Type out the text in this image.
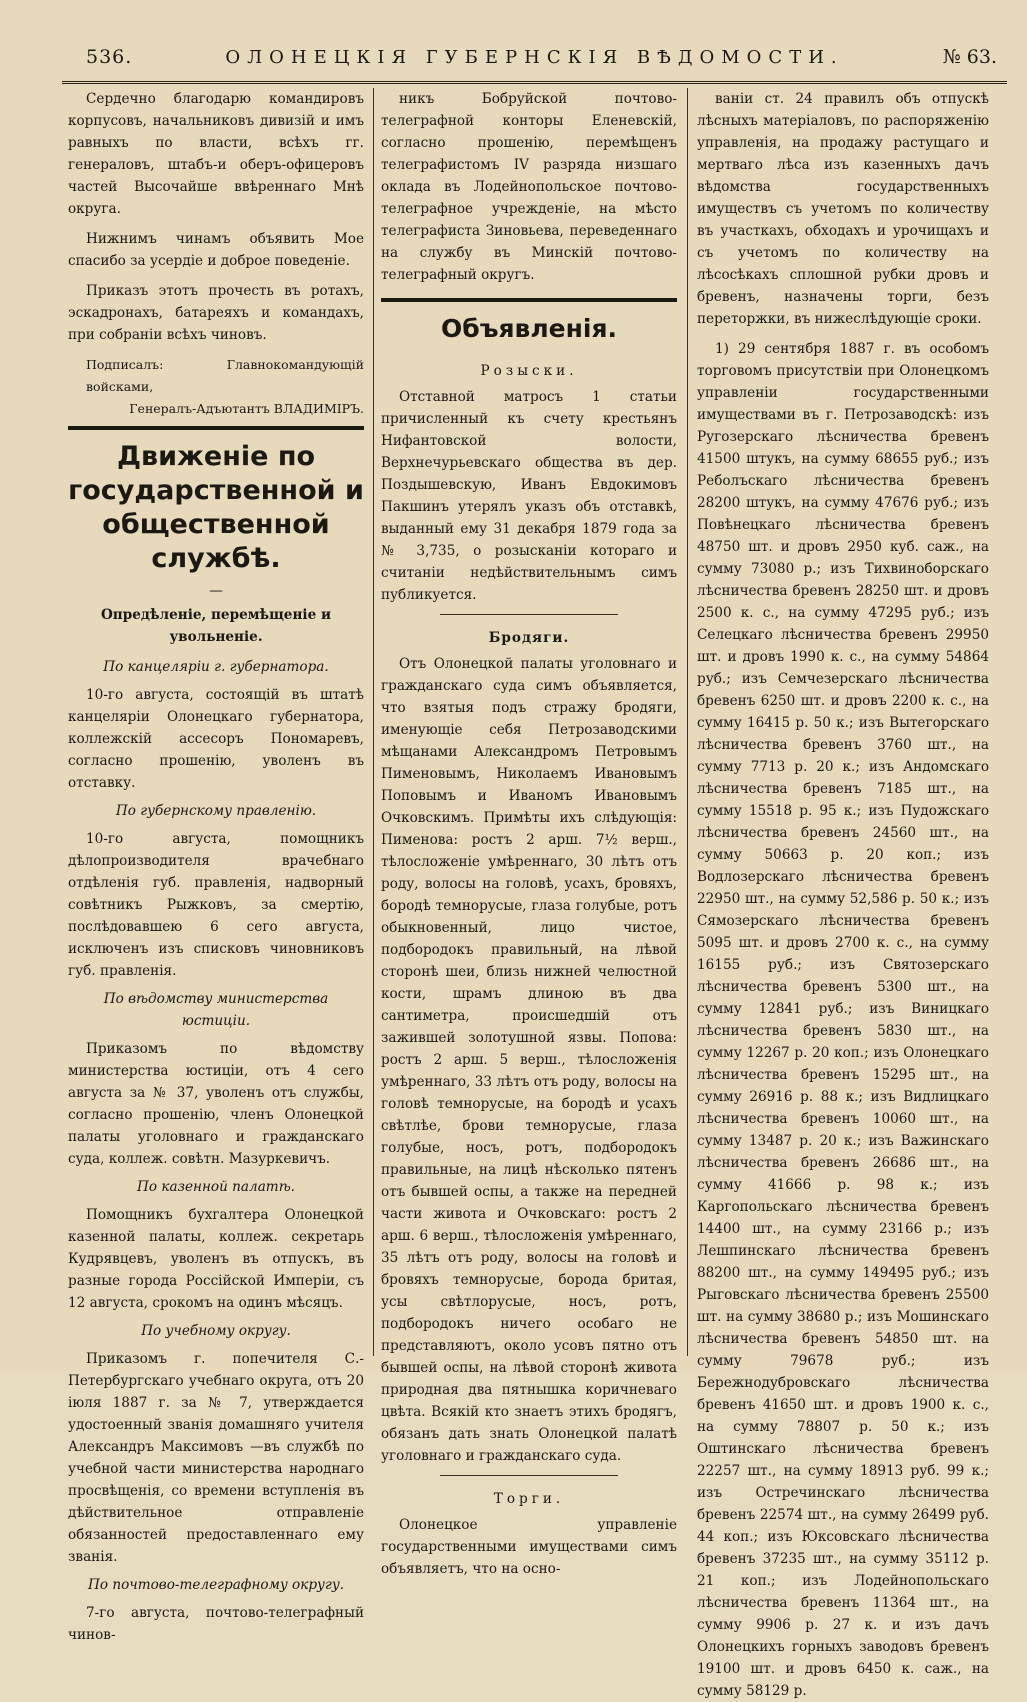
536.	ОЛОНЕЦКІЯ ГУБЕРНСКІЯ ВѢДОМОСТИ.	№ 63.

Сердечно благодарю командировъ корпусовъ, начальниковъ дивизій и имъ равныхъ по власти, всѣхъ гг. генераловъ, штабъ-и оберъ-офицеровъ частей Высочайше ввѣреннаго Мнѣ округа.

Нижнимъ чинамъ объявить Мое спасибо за усердіе и доброе поведеніе.

Приказъ этотъ прочесть въ ротахъ, эскадронахъ, батареяхъ и командахъ, при собраніи всѣхъ чиновъ.

Подписалъ: Главнокомандующій войсками,
Генералъ-Адъютантъ ВЛАДИМІРЪ.
Движеніе по государственной и общественной службѣ.
—
Опредѣленіе, перемѣщеніе и увольненіе.
По канцеляріи г. губернатора.

10-го августа, состоящій въ штатѣ канцеляріи Олонецкаго губернатора, коллежскій ассесоръ Пономаревъ, согласно прошенію, уволенъ въ отставку.

По губернскому правленію.

10-го августа, помощникъ дѣлопроизводителя врачебнаго отдѣленія губ. правленія, надворный совѣтникъ Рыжковъ, за смертію, послѣдовавшею 6 сего августа, исключенъ изъ списковъ чиновниковъ губ. правленія.

По вѣдомству министерства юстиціи.

Приказомъ по вѣдомству министерства юстиціи, отъ 4 сего августа за № 37, уволенъ отъ службы, согласно прошенію, членъ Олонецкой палаты уголовнаго и гражданскаго суда, коллеж. совѣтн. Мазуркевичъ.

По казенной палатѣ.

Помощникъ бухгалтера Олонецкой казенной палаты, коллеж. секретарь Кудрявцевъ, уволенъ въ отпускъ, въ разные города Россійской Имперіи, съ 12 августа, срокомъ на одинъ мѣсяцъ.

По учебному округу.

Приказомъ г. попечителя С.-Петербургскаго учебнаго округа, отъ 20 іюля 1887 г. за № 7, утверждается удостоенный званія домашняго учителя Александръ Максимовъ —въ службѣ по учебной части министерства народнаго просвѣщенія, со времени вступленія въ дѣйствительное отправленіе обязанностей предоставленнаго ему званія.

По почтово-телеграфному округу.

7-го августа, почтово-телеграфный чинов-

никъ Бобруйской почтово-телеграфной конторы Еленевскій, согласно прошенію, перемѣщенъ телеграфистомъ IV разряда низшаго оклада въ Лодейнопольское почтово-телеграфное учрежденіе, на мѣсто телеграфиста Зиновьева, переведеннаго на службу въ Минскій почтово-телеграфный округъ.

Объявленія.
Розыски.

Отставной матросъ 1 статьи причисленный къ счету крестьянъ Нифантовской волости, Верхнечурьевскаго общества въ дер. Поздышевскую, Иванъ Евдокимовъ Пакшинъ утерялъ указъ объ отставкѣ, выданный ему 31 декабря 1879 года за № 3,735, о розысканіи котораго и считаніи недѣйствительнымъ симъ публикуется.

Бродяги.

Отъ Олонецкой палаты уголовнаго и гражданскаго суда симъ объявляется, что взятыя подъ стражу бродяги, именующіе себя Петрозаводскими мѣщанами Александромъ Петровымъ Пименовымъ, Николаемъ Ивановымъ Поповымъ и Иваномъ Ивановымъ Очковскимъ. Примѣты ихъ слѣдующія: Пименова: ростъ 2 арш. 7½ верш., тѣлосложеніе умѣреннаго, 30 лѣтъ отъ роду, волосы на головѣ, усахъ, бровяхъ, бородѣ темнорусые, глаза голубые, ротъ обыкновенный, лицо чистое, подбородокъ правильный, на лѣвой сторонѣ шеи, близь нижней челюстной кости, шрамъ длиною въ два сантиметра, происшедшій отъ зажившей золотушной язвы. Попова: ростъ 2 арш. 5 верш., тѣлосложенія умѣреннаго, 33 лѣтъ отъ роду, волосы на головѣ темнорусые, на бородѣ и усахъ свѣтлѣе, брови темнорусые, глаза голубые, носъ, ротъ, подбородокъ правильные, на лицѣ нѣсколько пятенъ отъ бывшей оспы, а также на передней части живота и Очковскаго: ростъ 2 арш. 6 верш., тѣлосложенія умѣреннаго, 35 лѣтъ отъ роду, волосы на головѣ и бровяхъ темнорусые, борода бритая, усы свѣтлорусые, носъ, ротъ, подбородокъ ничего особаго не представляютъ, около усовъ пятно отъ бывшей оспы, на лѣвой сторонѣ живота природная два пятнышка коричневаго цвѣта. Всякій кто знаетъ этихъ бродягъ, обязанъ дать знать Олонецкой палатѣ уголовнаго и гражданскаго суда.

Торги.

Олонецкое управленіе государственными имуществами симъ объявляетъ, что на осно-

ваніи ст. 24 правилъ объ отпускѣ лѣсныхъ матеріаловъ, по распоряженію управленія, на продажу растущаго и мертваго лѣса изъ казенныхъ дачъ вѣдомства государственныхъ имуществъ съ учетомъ по количеству въ участкахъ, обходахъ и урочищахъ и съ учетомъ по количеству на лѣсосѣкахъ сплошной рубки дровъ и бревенъ, назначены торги, безъ переторжки, въ нижеслѣдующіе сроки.

1) 29 сентября 1887 г. въ особомъ торговомъ присутствіи при Олонецкомъ управленіи государственными имуществами въ г. Петрозаводскѣ: изъ Ругозерскаго лѣсничества бревенъ 41500 штукъ, на сумму 68655 руб.; изъ Реболъскаго лѣсничества бревенъ 28200 штукъ, на сумму 47676 руб.; изъ Повѣнецкаго лѣсничества бревенъ 48750 шт. и дровъ 2950 куб. саж., на сумму 73080 р.; изъ Тихвиноборскаго лѣсничества бревенъ 28250 шт. и дровъ 2500 к. с., на сумму 47295 руб.; изъ Селецкаго лѣсничества бревенъ 29950 шт. и дровъ 1990 к. с., на сумму 54864 руб.; изъ Семчезерскаго лѣсничества бревенъ 6250 шт. и дровъ 2200 к. с., на сумму 16415 р. 50 к.; изъ Вытегорскаго лѣсничества бревенъ 3760 шт., на сумму 7713 р. 20 к.; изъ Андомскаго лѣсничества бревенъ 7185 шт., на сумму 15518 р. 95 к.; изъ Пудожскаго лѣсничества бревенъ 24560 шт., на сумму 50663 р. 20 коп.; изъ Водлозерскаго лѣсничества бревенъ 22950 шт., на сумму 52,586 р. 50 к.; изъ Сямозерскаго лѣсничества бревенъ 5095 шт. и дровъ 2700 к. с., на сумму 16155 руб.; изъ Святозерскаго лѣсничества бревенъ 5300 шт., на сумму 12841 руб.; изъ Виницкаго лѣсничества бревенъ 5830 шт., на сумму 12267 р. 20 коп.; изъ Олонецкаго лѣсничества бревенъ 15295 шт., на сумму 26916 р. 88 к.; изъ Видлицкаго лѣсничества бревенъ 10060 шт., на сумму 13487 р. 20 к.; изъ Важинскаго лѣсничества бревенъ 26686 шт., на сумму 41666 р. 98 к.; изъ Каргопольскаго лѣсничества бревенъ 14400 шт., на сумму 23166 р.; изъ Лешпинскаго лѣсничества бревенъ 88200 шт., на сумму 149495 руб.; изъ Рыговскаго лѣсничества бревенъ 25500 шт. на сумму 38680 р.; изъ Мошинскаго лѣсничества бревенъ 54850 шт. на сумму 79678 руб.; изъ Бережнодубровскаго лѣсничества бревенъ 41650 шт. и дровъ 1900 к. с., на сумму 78807 р. 50 к.; изъ Оштинскаго лѣсничества бревенъ 22257 шт., на сумму 18913 руб. 99 к.; изъ Остречинскаго лѣсничества бревенъ 22574 шт., на сумму 26499 руб. 44 коп.; изъ Юксовскаго лѣсничества бревенъ 37235 шт., на сумму 35112 р. 21 коп.; изъ Лодейнопольскаго лѣсничества бревенъ 11364 шт., на сумму 9906 р. 27 к. и изъ дачъ Олонецкихъ горныхъ заводовъ бревенъ 19100 шт. и дровъ 6450 к. саж., на сумму 58129 р.
